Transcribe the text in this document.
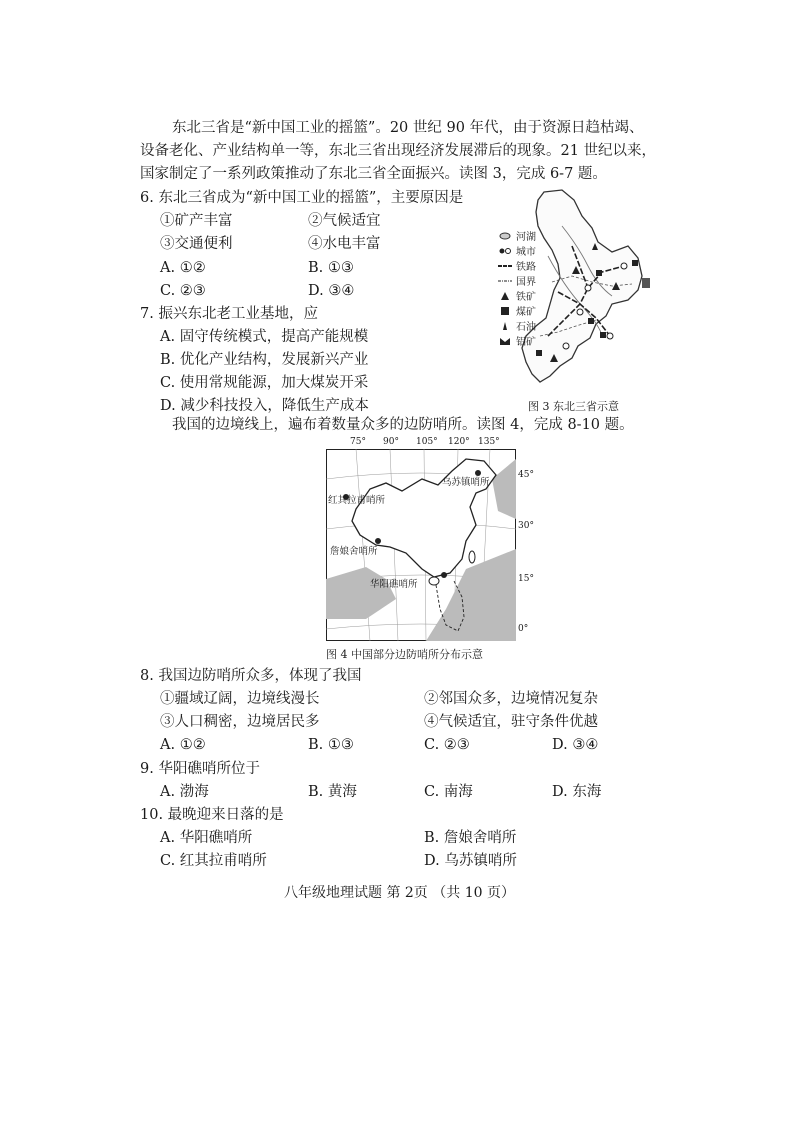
东北三省是“新中国工业的摇篮”。20 世纪 90 年代，由于资源日趋枯竭、
设备老化、产业结构单一等，东北三省出现经济发展滞后的现象。21 世纪以来，
国家制定了一系列政策推动了东北三省全面振兴。读图 3，完成 6-7 题。
6. 东北三省成为“新中国工业的摇篮”，主要原因是
①矿产丰富	②气候适宜
③交通便利	④水电丰富
A. ①②	B. ①③
C. ②③	D. ③④
7. 振兴东北老工业基地，应
A. 固守传统模式，提高产能规模
B. 优化产业结构，发展新兴产业
C. 使用常规能源，加大煤炭开采
D. 减少科技投入，降低生产成本
河湖
城市
铁路
国界
铁矿
煤矿
石油
铝矿
图 3 东北三省示意
我国的边境线上，遍布着数量众多的边防哨所。读图 4，完成 8-10 题。
75° 90° 105° 120° 135°
乌苏镇哨所
红其拉甫哨所
詹娘舍哨所
华阳礁哨所
45°
30°
15°
0°
图 4 中国部分边防哨所分布示意
8. 我国边防哨所众多，体现了我国
①疆域辽阔，边境线漫长	②邻国众多，边境情况复杂
③人口稠密，边境居民多	④气候适宜，驻守条件优越
A. ①②	B. ①③	C. ②③	D. ③④
9. 华阳礁哨所位于
A. 渤海	B. 黄海	C. 南海	D. 东海
10. 最晚迎来日落的是
A. 华阳礁哨所	B. 詹娘舍哨所
C. 红其拉甫哨所	D. 乌苏镇哨所
八年级地理试题 第 2页 （共 10 页）
